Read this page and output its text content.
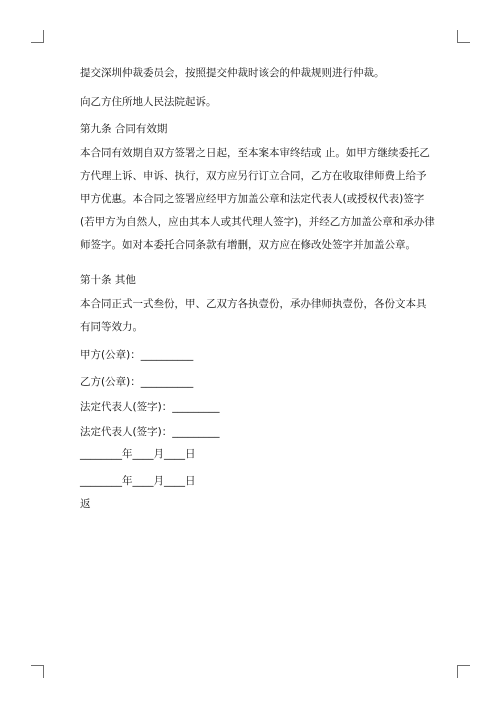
提交深圳仲裁委员会，按照提交仲裁时该会的仲裁规则进行仲裁。
向乙方住所地人民法院起诉。
第九条 合同有效期
本合同有效期自双方签署之日起，至本案本审终结或 止。如甲方继续委托乙方代理上诉、申诉、执行，双方应另行订立合同，乙方在收取律师费上给予甲方优惠。本合同之签署应经甲方加盖公章和法定代表人(或授权代表)签字(若甲方为自然人，应由其本人或其代理人签字)，并经乙方加盖公章和承办律师签字。如对本委托合同条款有增删，双方应在修改处签字并加盖公章。
第十条 其他
本合同正式一式叁份，甲、乙双方各执壹份，承办律师执壹份，各份文本具有同等效力。
甲方(公章)：__________
乙方(公章)：__________
法定代表人(签字)：_________
法定代表人(签字)：_________
________年____月____日
________年____月____日
返
